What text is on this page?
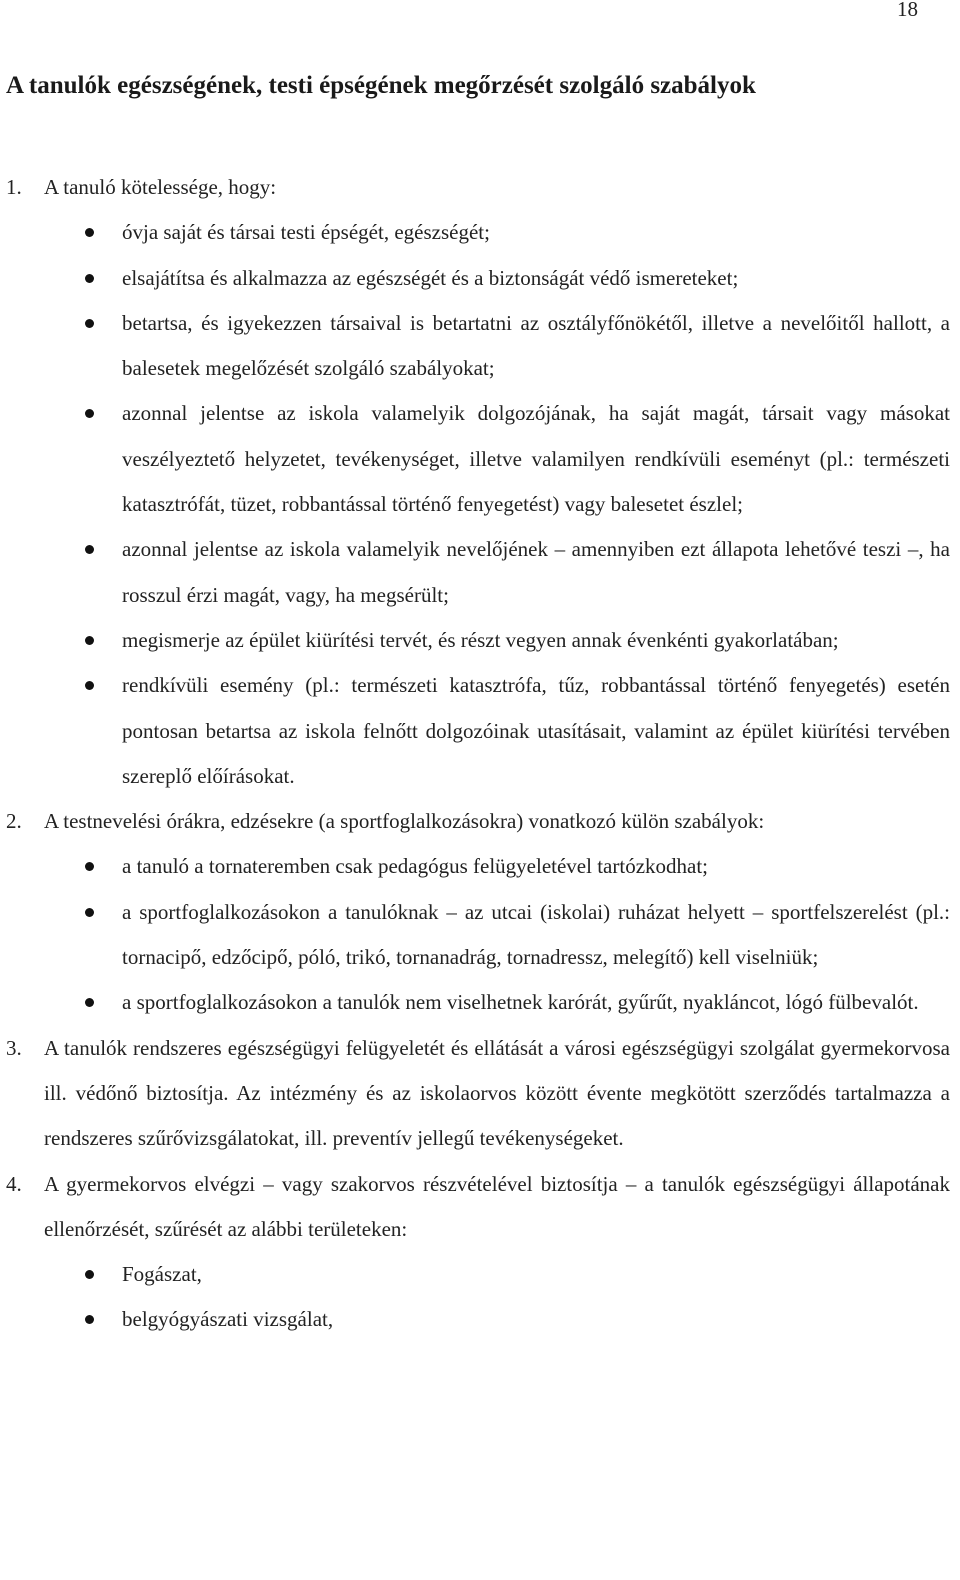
18
A tanulók egészségének, testi épségének megőrzését szolgáló szabályok
1. A tanuló kötelessége, hogy:
óvja saját és társai testi épségét, egészségét;
elsajátítsa és alkalmazza az egészségét és a biztonságát védő ismereteket;
betartsa, és igyekezzen társaival is betartatni az osztályfőnökétől, illetve a nevelőitől hallott, a balesetek megelőzését szolgáló szabályokat;
azonnal jelentse az iskola valamelyik dolgozójának, ha saját magát, társait vagy másokat veszélyeztető helyzetet, tevékenységet, illetve valamilyen rendkívüli eseményt (pl.: természeti katasztrófát, tüzet, robbantással történő fenyegetést) vagy balesetet észlel;
azonnal jelentse az iskola valamelyik nevelőjének – amennyiben ezt állapota lehetővé teszi –, ha rosszul érzi magát, vagy, ha megsérült;
megismerje az épület kiürítési tervét, és részt vegyen annak évenkénti gyakorlatában;
rendkívüli esemény (pl.: természeti katasztrófa, tűz, robbantással történő fenyegetés) esetén pontosan betartsa az iskola felnőtt dolgozóinak utasításait, valamint az épület kiürítési tervében szereplő előírásokat.
2. A testnevelési órákra, edzésekre (a sportfoglalkozásokra) vonatkozó külön szabályok:
a tanuló a tornateremben csak pedagógus felügyeletével tartózkodhat;
a sportfoglalkozásokon a tanulóknak – az utcai (iskolai) ruházat helyett – sportfelszerelést (pl.: tornacipő, edzőcipő, póló, trikó, tornanadrág, tornadressz, melegítő) kell viselniük;
a sportfoglalkozásokon a tanulók nem viselhetnek karórát, gyűrűt, nyakláncot, lógó fülbevalót.
3. A tanulók rendszeres egészségügyi felügyeletét és ellátását a városi egészségügyi szolgálat gyermekorvosa ill. védőnő biztosítja. Az intézmény és az iskolaorvos között évente megkötött szerződés tartalmazza a rendszeres szűrővizsgálatokat, ill. preventív jellegű tevékenységeket.
4. A gyermekorvos elvégzi – vagy szakorvos részvételével biztosítja – a tanulók egészségügyi állapotának ellenőrzését, szűrését az alábbi területeken:
Fogászat,
belgyógyászati vizsgálat,
